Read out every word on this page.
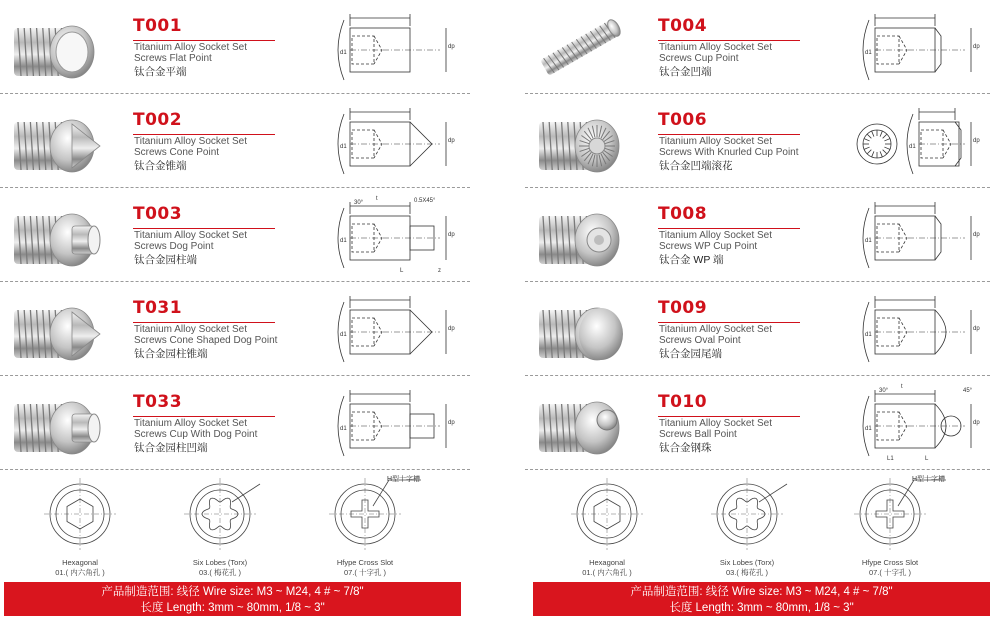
T001
Titanium Alloy Socket Set
Screws Flat Point
钛合金平端
dp
d1
T002
Titanium Alloy Socket Set
Screws Cone Point
钛合金锥端
dp
d1
T003
Titanium Alloy Socket Set
Screws Dog Point
钛合金园柱端
dp
d1
30°	0.5X45°
L	z
t
T031
Titanium Alloy Socket Set
Screws Cone Shaped Dog Point
钛合金园柱锥端
dp
d1
T033
Titanium Alloy Socket Set
Screws Cup With Dog Point
钛合金园柱凹端
dp
d1
Hexagonal
01.( 内六角孔 )
Six Lobes (Torx)
03.( 梅花孔 )
H型十字槽
Hfype Cross Slot
07.( 十字孔 )
产品制造范围: 线径 Wire size: M3 ~ M24, 4 # ~ 7/8"
长度 Length: 3mm ~ 80mm, 1/8 ~ 3"
T004
Titanium Alloy Socket Set
Screws Cup Point
钛合金凹端
dp
d1
T006
Titanium Alloy Socket Set
Screws With Knurled Cup Point
钛合金凹端滚花
dp
d1
T008
Titanium Alloy Socket Set
Screws WP Cup Point
钛合金 WP 端
dp
d1
T009
Titanium Alloy Socket Set
Screws Oval Point
钛合金园尾端
dp
d1
T010
Titanium Alloy Socket Set
Screws Ball Point
钛合金钢珠
dp
d1
30°	45°
L1	L
t
Hexagonal
01.( 内六角孔 )
Six Lobes (Torx)
03.( 梅花孔 )
H型十字槽
Hfype Cross Slot
07.( 十字孔 )
产品制造范围: 线径 Wire size: M3 ~ M24, 4 # ~ 7/8"
长度 Length: 3mm ~ 80mm, 1/8 ~ 3"
